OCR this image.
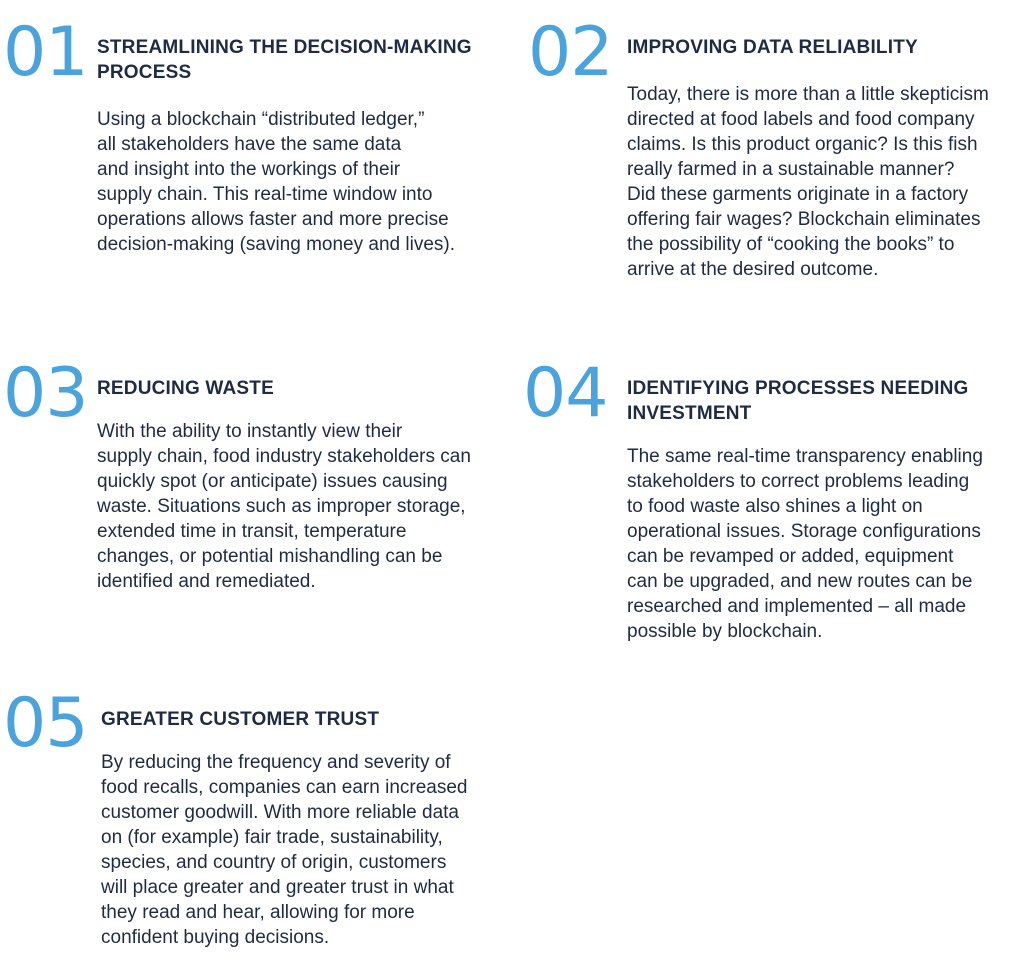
01 STREAMLINING THE DECISION-MAKING
PROCESS

Using a blockchain “distributed ledger,”
all stakeholders have the same data
and insight into the workings of their
supply chain. This real-time window into
operations allows faster and more precise
decision-making (saving money and lives).

02 IMPROVING DATA RELIABILITY

Today, there is more than a little skepticism
directed at food labels and food company
claims. Is this product organic? Is this fish
really farmed in a sustainable manner?
Did these garments originate in a factory
offering fair wages? Blockchain eliminates
the possibility of “cooking the books” to
arrive at the desired outcome.

03 REDUCING WASTE

With the ability to instantly view their
supply chain, food industry stakeholders can
quickly spot (or anticipate) issues causing
waste. Situations such as improper storage,
extended time in transit, temperature
changes, or potential mishandling can be
identified and remediated.

04 IDENTIFYING PROCESSES NEEDING
INVESTMENT

The same real-time transparency enabling
stakeholders to correct problems leading
to food waste also shines a light on
operational issues. Storage configurations
can be revamped or added, equipment
can be upgraded, and new routes can be
researched and implemented – all made
possible by blockchain.

05 GREATER CUSTOMER TRUST

By reducing the frequency and severity of
food recalls, companies can earn increased
customer goodwill. With more reliable data
on (for example) fair trade, sustainability,
species, and country of origin, customers
will place greater and greater trust in what
they read and hear, allowing for more
confident buying decisions.
